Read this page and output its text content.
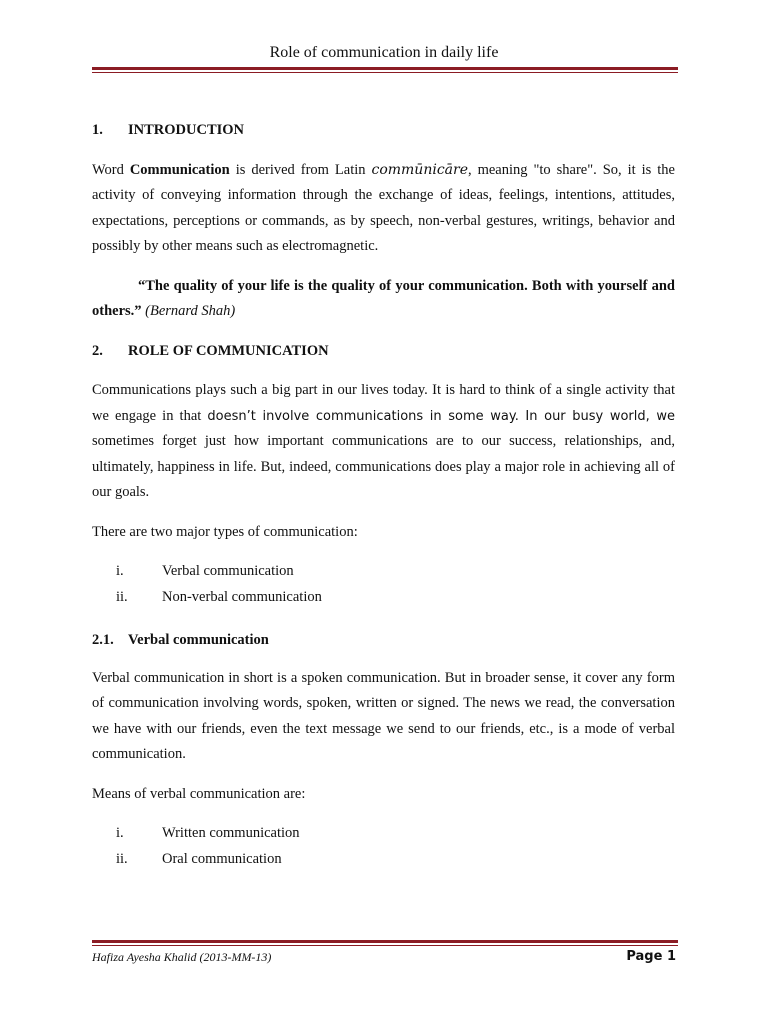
Role of communication in daily life
1. INTRODUCTION

Word Communication is derived from Latin commūnicāre, meaning "to share". So, it is the activity of conveying information through the exchange of ideas, feelings, intentions, attitudes, expectations, perceptions or commands, as by speech, non-verbal gestures, writings, behavior and possibly by other means such as electromagnetic.

“The quality of your life is the quality of your communication. Both with yourself and others.” (Bernard Shah)

2. ROLE OF COMMUNICATION

Communications plays such a big part in our lives today. It is hard to think of a single activity that we engage in that doesn’t involve communications in some way. In our busy world, we sometimes forget just how important communications are to our success, relationships, and, ultimately, happiness in life. But, indeed, communications does play a major role in achieving all of our goals.

There are two major types of communication:

i.	Verbal communication
ii.	Non-verbal communication
2.1. Verbal communication

Verbal communication in short is a spoken communication. But in broader sense, it cover any form of communication involving words, spoken, written or signed. The news we read, the conversation we have with our friends, even the text message we send to our friends, etc., is a mode of verbal communication.

Means of verbal communication are:

i.	Written communication
ii.	Oral communication
Hafiza Ayesha Khalid (2013-MM-13)	Page 1
